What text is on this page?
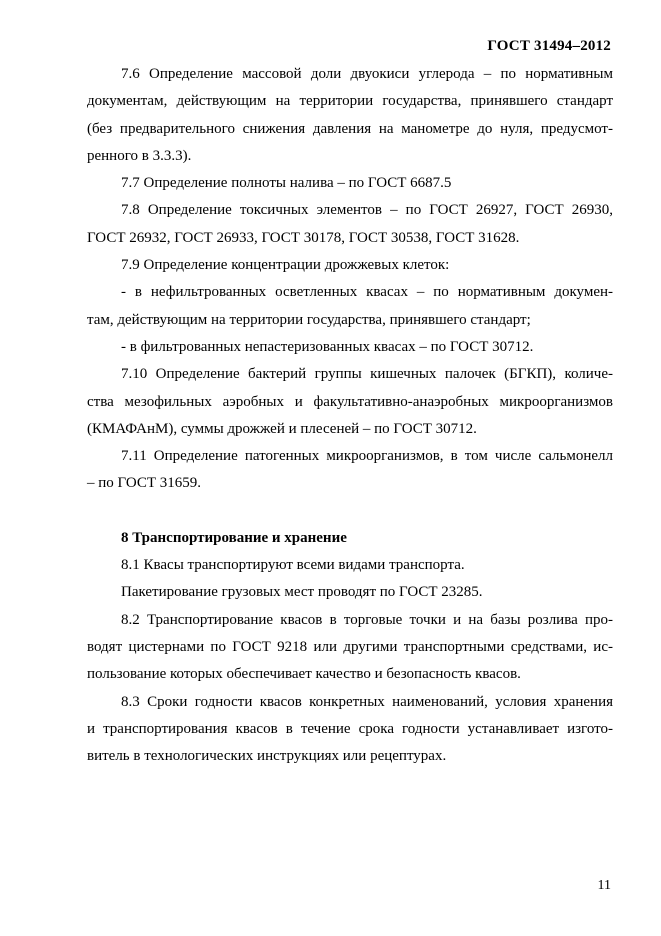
ГОСТ 31494–2012

7.6 Определение массовой доли двуокиси углерода – по нормативным
документам, действующим на территории государства, принявшего стандарт
(без предварительного снижения давления на манометре до нуля, предусмот-
ренного в 3.3.3).

7.7 Определение полноты налива – по ГОСТ 6687.5

7.8 Определение токсичных элементов – по ГОСТ 26927, ГОСТ 26930,
ГОСТ 26932, ГОСТ 26933, ГОСТ 30178, ГОСТ 30538, ГОСТ 31628.

7.9 Определение концентрации дрожжевых клеток:

- в нефильтрованных осветленных квасах – по нормативным докумен-
там, действующим на территории государства, принявшего стандарт;

- в фильтрованных непастеризованных квасах – по ГОСТ 30712.

7.10 Определение бактерий группы кишечных палочек (БГКП), количе-
ства мезофильных аэробных и факультативно-анаэробных микроорганизмов
(КМАФАнМ), суммы дрожжей и плесеней – по ГОСТ 30712.

7.11 Определение патогенных микроорганизмов, в том числе сальмонелл
– по ГОСТ 31659.

8 Транспортирование и хранение

8.1 Квасы транспортируют всеми видами транспорта.

Пакетирование грузовых мест проводят по ГОСТ 23285.

8.2 Транспортирование квасов в торговые точки и на базы розлива про-
водят цистернами по ГОСТ 9218 или другими транспортными средствами, ис-
пользование которых обеспечивает качество и безопасность квасов.

8.3 Сроки годности квасов конкретных наименований, условия хранения
и транспортирования квасов в течение срока годности устанавливает изгото-
витель в технологических инструкциях или рецептурах.

11
